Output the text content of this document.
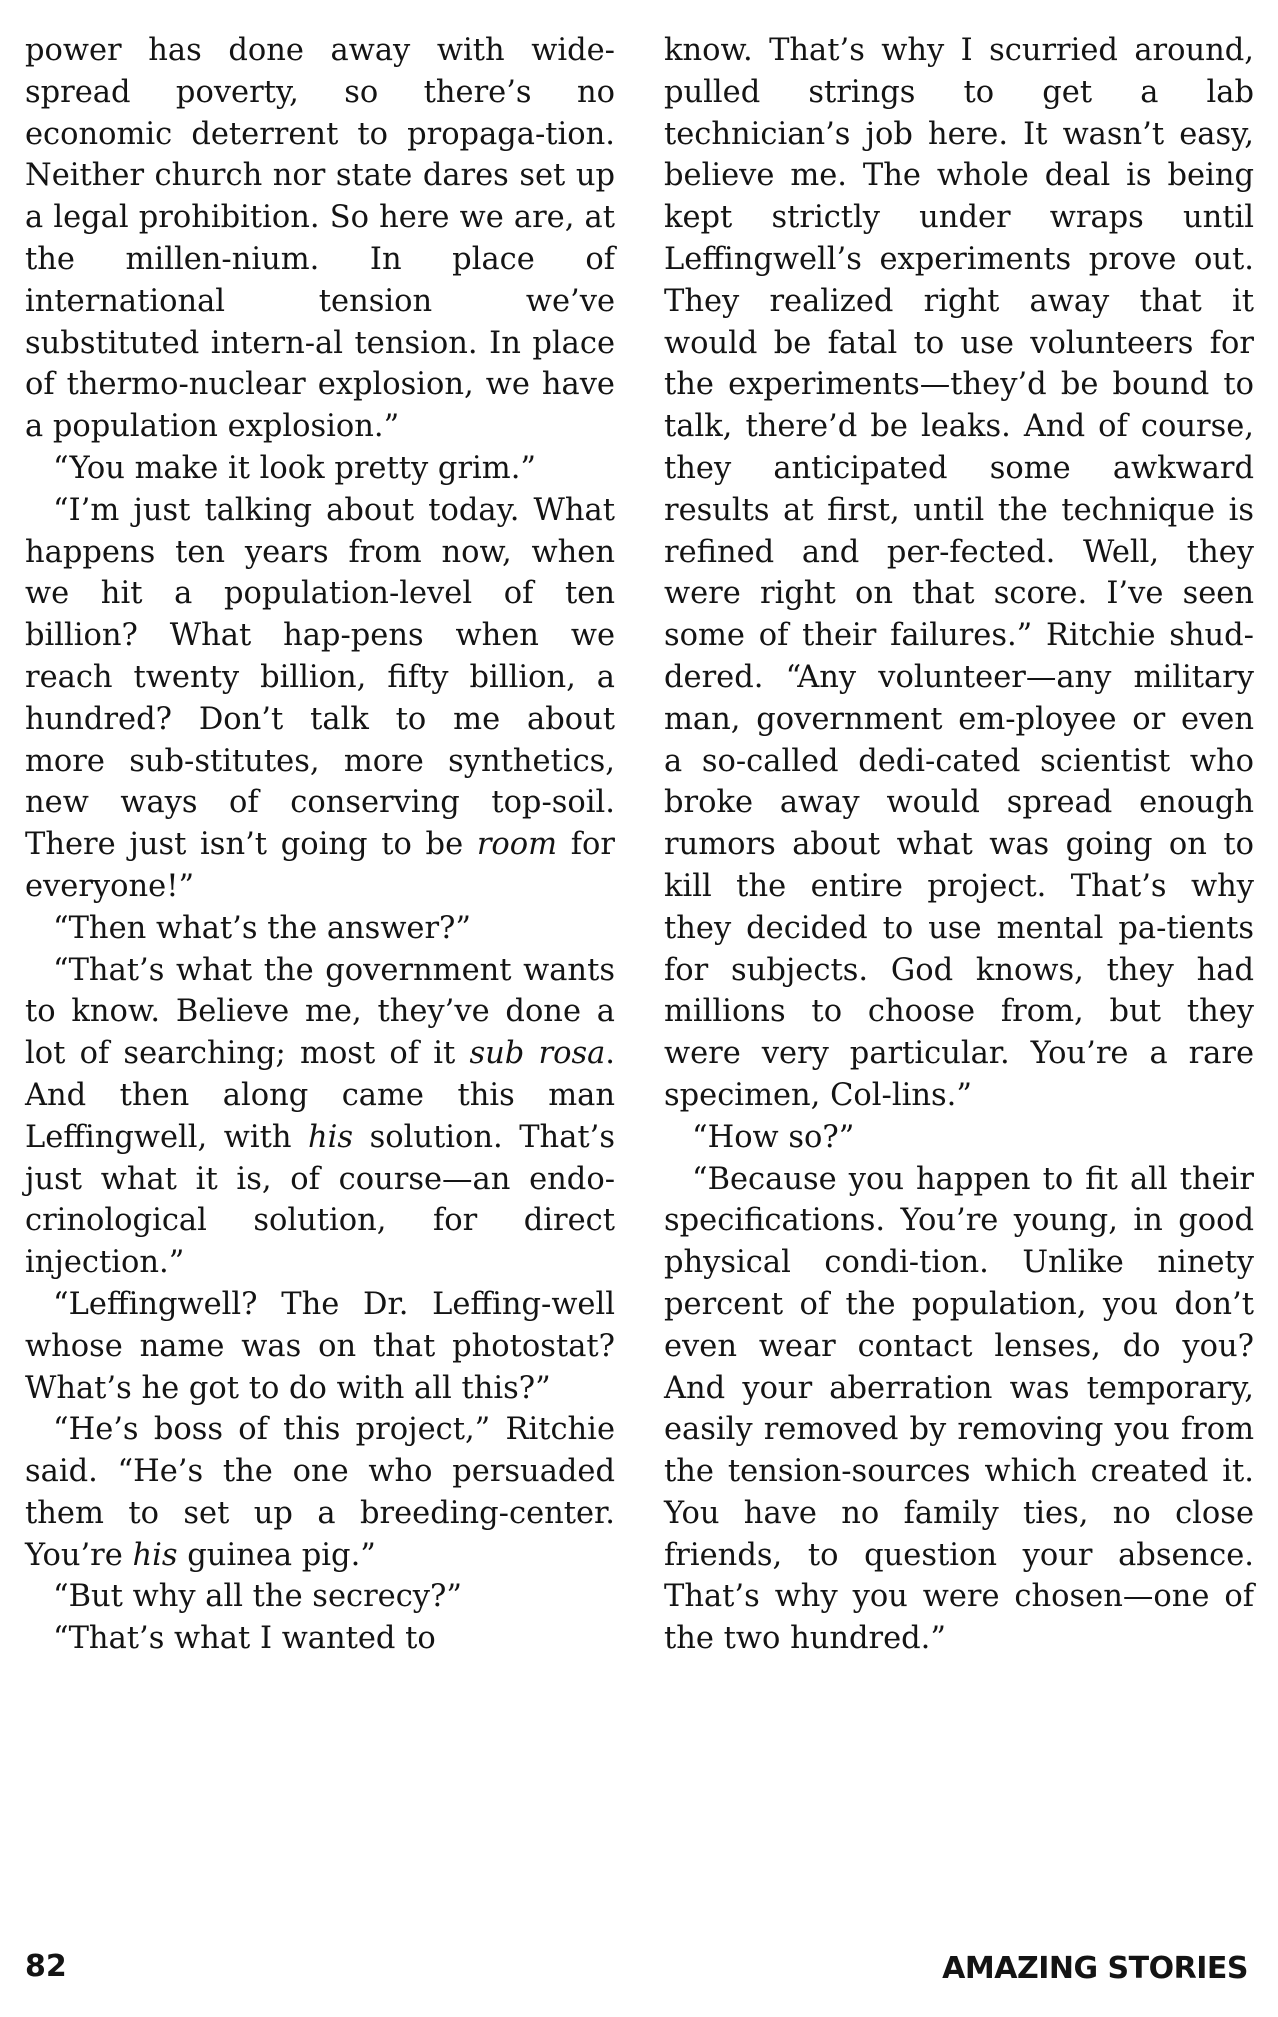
power has done away with wide-spread poverty, so there’s no economic deterrent to propaga-tion. Neither church nor state dares set up a legal prohibition. So here we are, at the millen-nium. In place of international tension we’ve substituted intern-al tension. In place of thermo-nuclear explosion, we have a population explosion.”

“You make it look pretty grim.”

“I’m just talking about today. What happens ten years from now, when we hit a population-level of ten billion? What hap-pens when we reach twenty billion, fifty billion, a hundred? Don’t talk to me about more sub-stitutes, more synthetics, new ways of conserving top-soil. There just isn’t going to be room for everyone!”

“Then what’s the answer?”

“That’s what the government wants to know. Believe me, they’ve done a lot of searching; most of it sub rosa. And then along came this man Leffingwell, with his solution. That’s just what it is, of course—an endo-crinological solution, for direct injection.”

“Leffingwell? The Dr. Leffing-well whose name was on that photostat? What’s he got to do with all this?”

“He’s boss of this project,” Ritchie said. “He’s the one who persuaded them to set up a breeding-center. You’re his guinea pig.”

“But why all the secrecy?”

“That’s what I wanted to

know. That’s why I scurried around, pulled strings to get a lab technician’s job here. It wasn’t easy, believe me. The whole deal is being kept strictly under wraps until Leffingwell’s experiments prove out. They realized right away that it would be fatal to use volunteers for the experiments—they’d be bound to talk, there’d be leaks. And of course, they anticipated some awkward results at first, until the technique is refined and per-fected. Well, they were right on that score. I’ve seen some of their failures.” Ritchie shud-dered. “Any volunteer—any military man, government em-ployee or even a so-called dedi-cated scientist who broke away would spread enough rumors about what was going on to kill the entire project. That’s why they decided to use mental pa-tients for subjects. God knows, they had millions to choose from, but they were very particular. You’re a rare specimen, Col-lins.”

“How so?”

“Because you happen to fit all their specifications. You’re young, in good physical condi-tion. Unlike ninety percent of the population, you don’t even wear contact lenses, do you? And your aberration was temporary, easily removed by removing you from the tension-sources which created it. You have no family ties, no close friends, to question your absence. That’s why you were chosen—one of the two hundred.”

82	AMAZING STORIES
